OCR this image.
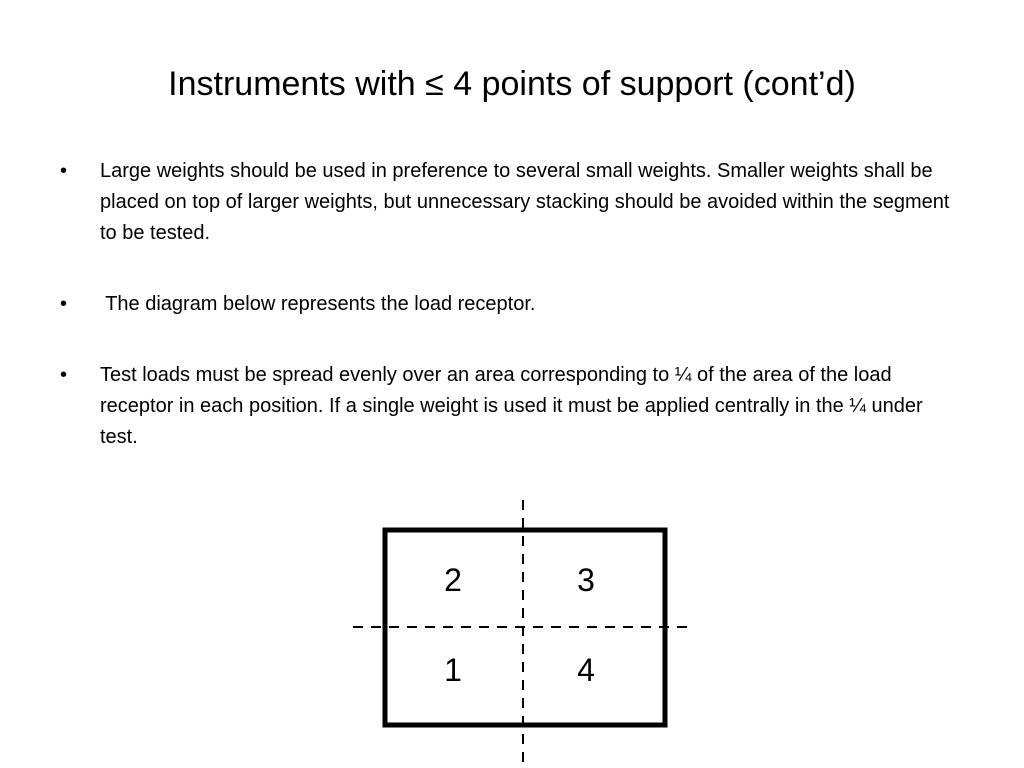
Instruments with ≤ 4 points of support (cont’d)
• Large weights should be used in preference to several small weights. Smaller weights shall be placed on top of larger weights, but unnecessary stacking should be avoided within the segment to be tested.
• The diagram below represents the load receptor.
• Test loads must be spread evenly over an area corresponding to ¼ of the area of the load receptor in each position. If a single weight is used it must be applied centrally in the ¼ under test.
2	3
1	4
